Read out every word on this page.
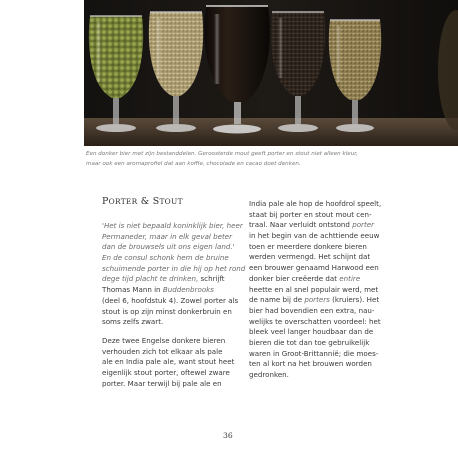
Een donker bier met zijn bestanddelen. Geroosterde mout geeft porter en stout niet alleen kleur,
maar ook een aromaprofiel dat aan koffie, chocolade en cacao doet denken.
PORTER & STOUT
'Het is niet bepaald koninklijk bier, heer
Permaneder, maar in elk geval beter
dan de brouwsels uit ons eigen land.'
En de consul schonk hem de bruine
schuimende porter in die hij op het rond
dege tijd placht te drinken, schrijft
Thomas Mann in Buddenbrooks
(deel 6, hoofdstuk 4). Zowel porter als
stout is op zijn minst donkerbruin en
soms zelfs zwart.
Deze twee Engelse donkere bieren
verhouden zich tot elkaar als pale
ale en India pale ale, want stout heet
eigenlijk stout porter, oftewel zware
porter. Maar terwijl bij pale ale en
India pale ale hop de hoofdrol speelt,
staat bij porter en stout mout cen-
traal. Naar verluidt ontstond porter
in het begin van de achttiende eeuw
toen er meerdere donkere bieren
werden vermengd. Het schijnt dat
een brouwer genaamd Harwood een
donker bier creëerde dat entire
heette en al snel populair werd, met
de name bij de porters (kruiers). Het
bier had bovendien een extra, nau-
welijks te overschatten voordeel: het
bleek veel langer houdbaar dan de
bieren die tot dan toe gebruikelijk
waren in Groot-Brittannië; die moes-
ten al kort na het brouwen worden
gedronken.
36
